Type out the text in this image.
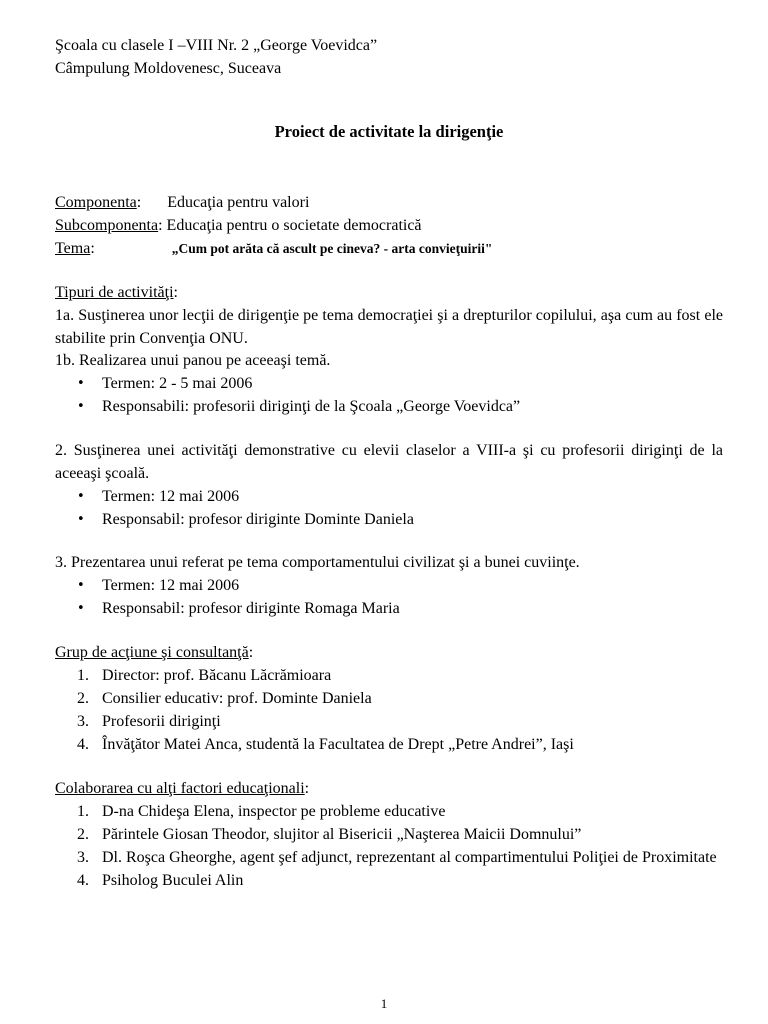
Şcoala cu clasele I –VIII Nr. 2 „George Voevidca”
Câmpulung Moldovenesc, Suceava
Proiect de activitate la dirigenţie
Componenta: Educaţia pentru valori
Subcomponenta: Educaţia pentru o societate democratică
Tema:	„Cum pot arăta că ascult pe cineva? - arta convieţuirii"
Tipuri de activităţi:
1a. Susţinerea unor lecţii de dirigenţie pe tema democraţiei şi a drepturilor copilului, aşa cum au fost ele stabilite prin Convenţia ONU.
1b. Realizarea unui panou pe aceeaşi temă.
• Termen: 2 - 5 mai 2006
• Responsabili: profesorii diriginţi de la Şcoala „George Voevidca”
2. Susţinerea unei activităţi demonstrative cu elevii claselor a VIII-a şi cu profesorii diriginţi de la aceeaşi şcoală.
• Termen: 12 mai 2006
• Responsabil: profesor diriginte Dominte Daniela
3. Prezentarea unui referat pe tema comportamentului civilizat şi a bunei cuviinţe.
• Termen: 12 mai 2006
• Responsabil: profesor diriginte Romaga Maria
Grup de acţiune şi consultanţă:
1. Director: prof. Băcanu Lăcrămioara
2. Consilier educativ: prof. Dominte Daniela
3. Profesorii diriginţi
4. Învăţător Matei Anca, studentă la Facultatea de Drept „Petre Andrei”, Iaşi
Colaborarea cu alţi factori educaţionali:
1. D-na Chideşa Elena, inspector pe probleme educative
2. Părintele Giosan Theodor, slujitor al Bisericii „Naşterea Maicii Domnului”
3. Dl. Roşca Gheorghe, agent şef adjunct, reprezentant al compartimentului Poliţiei de Proximitate
4. Psiholog Buculei Alin
1
